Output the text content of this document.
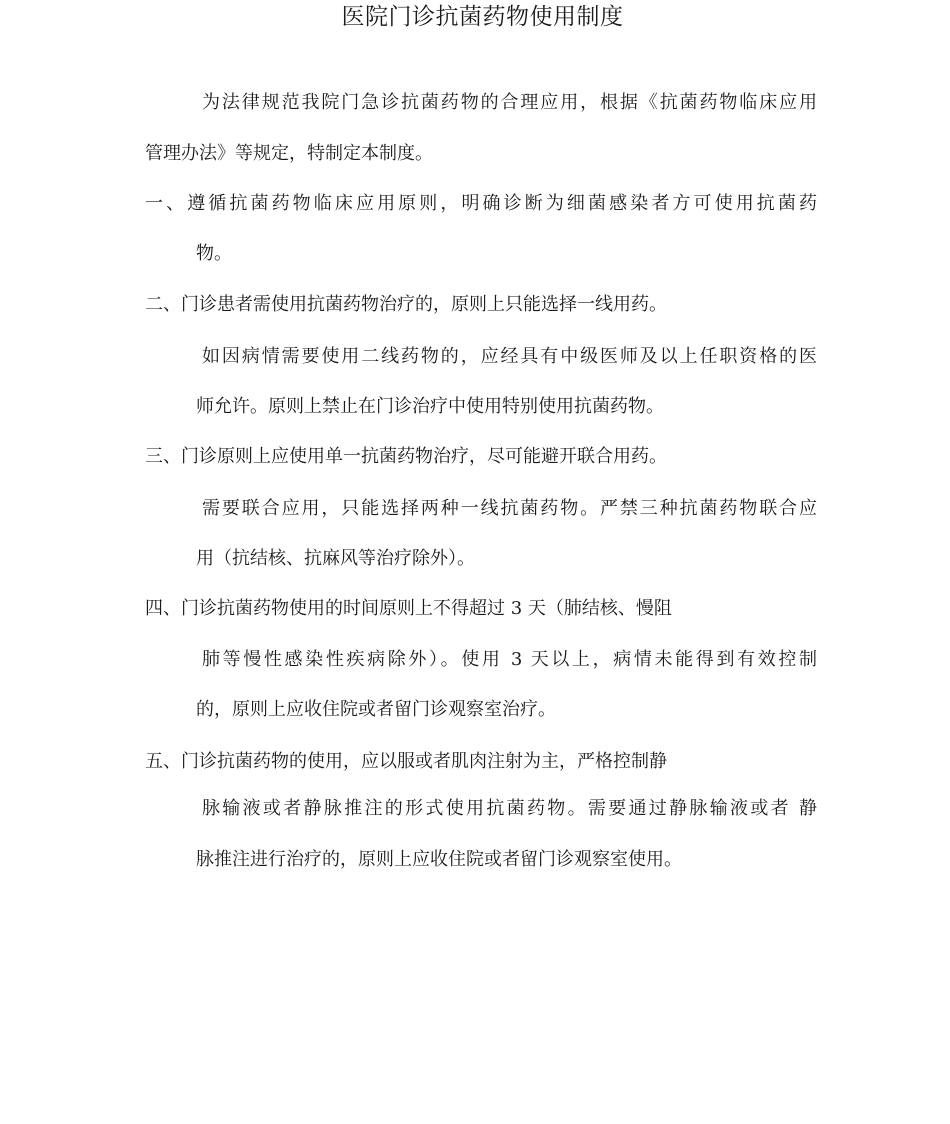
医院门诊抗菌药物使用制度
为法律规范我院门急诊抗菌药物的合理应用，根据《抗菌药物临床应用
管理办法》等规定，特制定本制度。
一、遵循抗菌药物临床应用原则，明确诊断为细菌感染者方可使用抗菌药
物。
二、门诊患者需使用抗菌药物治疗的，原则上只能选择一线用药。
如因病情需要使用二线药物的，应经具有中级医师及以上任职资格的医
师允许。原则上禁止在门诊治疗中使用特别使用抗菌药物。
三、门诊原则上应使用单一抗菌药物治疗，尽可能避开联合用药。
需要联合应用，只能选择两种一线抗菌药物。严禁三种抗菌药物联合应
用（抗结核、抗麻风等治疗除外）。
四、门诊抗菌药物使用的时间原则上不得超过 3 天（肺结核、慢阻
肺等慢性感染性疾病除外）。使用 3 天以上，病情未能得到有效控制
的，原则上应收住院或者留门诊观察室治疗。
五、门诊抗菌药物的使用，应以服或者肌肉注射为主，严格控制静
脉输液或者静脉推注的形式使用抗菌药物。需要通过静脉输液或者 静
脉推注进行治疗的，原则上应收住院或者留门诊观察室使用。
